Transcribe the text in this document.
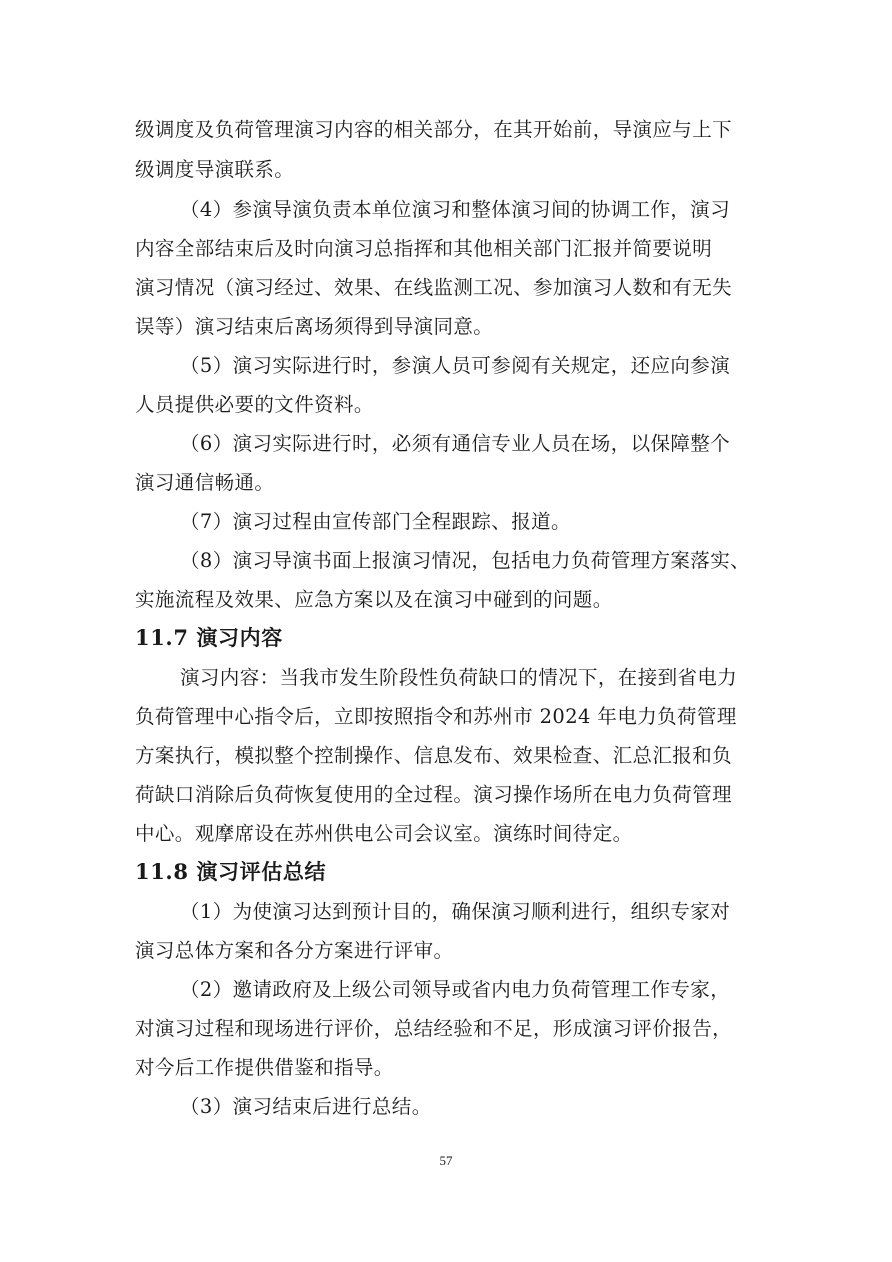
级调度及负荷管理演习内容的相关部分，在其开始前，导演应与上下

级调度导演联系。

（4）参演导演负责本单位演习和整体演习间的协调工作，演习

内容全部结束后及时向演习总指挥和其他相关部门汇报并简要说明

演习情况（演习经过、效果、在线监测工况、参加演习人数和有无失

误等）演习结束后离场须得到导演同意。

（5）演习实际进行时，参演人员可参阅有关规定，还应向参演

人员提供必要的文件资料。

（6）演习实际进行时，必须有通信专业人员在场，以保障整个

演习通信畅通。

（7）演习过程由宣传部门全程跟踪、报道。

（8）演习导演书面上报演习情况，包括电力负荷管理方案落实、

实施流程及效果、应急方案以及在演习中碰到的问题。

11.7 演习内容

演习内容：当我市发生阶段性负荷缺口的情况下，在接到省电力

负荷管理中心指令后，立即按照指令和苏州市 2024 年电力负荷管理

方案执行，模拟整个控制操作、信息发布、效果检查、汇总汇报和负

荷缺口消除后负荷恢复使用的全过程。演习操作场所在电力负荷管理

中心。观摩席设在苏州供电公司会议室。演练时间待定。

11.8 演习评估总结

（1）为使演习达到预计目的，确保演习顺利进行，组织专家对

演习总体方案和各分方案进行评审。

（2）邀请政府及上级公司领导或省内电力负荷管理工作专家，

对演习过程和现场进行评价，总结经验和不足，形成演习评价报告，

对今后工作提供借鉴和指导。

（3）演习结束后进行总结。

57
